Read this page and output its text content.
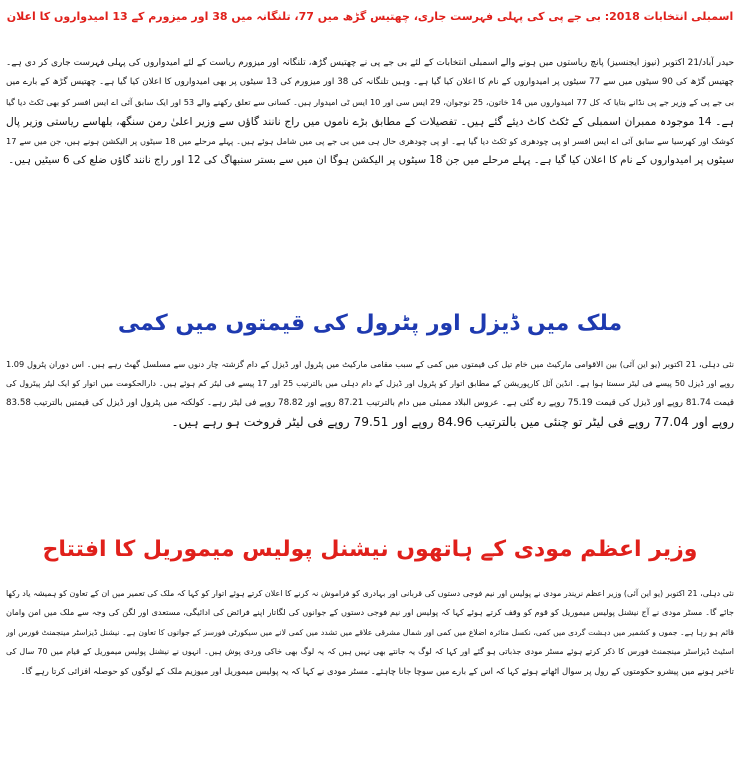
اسمبلی انتخابات 2018: بی جے پی کی پہلی فہرست جاری، چھتیس گڑھ میں 77، تلنگانہ میں 38 اور میزورم کے 13 امیدواروں کا اعلان
حیدر آباد/21 اکتوبر (نیوز ایجنسیز) پانچ ریاستوں میں ہونے والے اسمبلی انتخابات کے لئے بی جے پی نے چھتیس گڑھ، تلنگانہ اور میزورم ریاست کے لئے امیدواروں کی پہلی فہرست جاری کر دی ہے۔
چھتیس گڑھ کی 90 سیٹوں میں سے 77 سیٹوں پر امیدواروں کے نام کا اعلان کیا گیا ہے۔ وہیں تلنگانہ کی 38 اور میزورم کی 13 سیٹوں پر بھی امیدواروں کا اعلان کیا گیا ہے۔ چھتیس گڑھ کے بارے میں
بی جے پی کے وزیر جے پی نڈانے بتایا کہ کل 77 امیدواروں میں 14 خاتون، 25 نوجوان، 29 ایس سی اور 10 ایس ٹی امیدوار ہیں۔ کسانی سے تعلق رکھنے والے 53 اور ایک سابق آئی اے ایس افسر کو بھی ٹکٹ دیا گیا
ہے۔ 14 موجودہ ممبران اسمبلی کے ٹکٹ کاٹ دیئے گئے ہیں۔ تفصیلات کے مطابق بڑے ناموں میں راج نانند گاؤں سے وزیر اعلیٰ رمن سنگھ، بلھاسے ریاستی وزیر پال
کوشک اور کھرسیا سے سابق آئی اے ایس افسر او پی چودھری کو ٹکٹ دیا گیا ہے۔ او پی چودھری حال ہی میں بی جے پی میں شامل ہوئے ہیں۔ پہلے مرحلے میں 18 سیٹوں پر الیکشن ہونے ہیں، جن میں سے 17
سیٹوں پر امیدواروں کے نام کا اعلان کیا گیا ہے۔ پہلے مرحلے میں جن 18 سیٹوں پر الیکشن ہوگا ان میں سے بستر سنبھاگ کی 12 اور راج نانند گاؤں ضلع کی 6 سیٹیں ہیں۔
ملک میں ڈیزل اور پٹرول کی قیمتوں میں کمی
نئی دہلی، 21 اکتوبر (یو این آئی) بین الاقوامی مارکیٹ میں خام تیل کی قیمتوں میں کمی کے سبب مقامی مارکیٹ میں پٹرول اور ڈیزل کے دام گزشتہ چار دنوں سے مسلسل گھٹ رہے ہیں۔ اس دوران پٹرول 1.09
روپے اور ڈیزل 50 پیسے فی لیٹر سستا ہوا ہے۔ انڈین آئل کارپوریشن کے مطابق اتوار کو پٹرول اور ڈیزل کے دام دہلی میں بالترتیب 25 اور 17 پیسے فی لیٹر کم ہوئے ہیں۔ دارالحکومت میں اتوار کو ایک لیٹر پیٹرول کی
قیمت 81.74 روپے اور ڈیزل کی قیمت 75.19 روپے رہ گئی ہے۔ عروس البلاد ممبئی میں دام بالترتیب 87.21 روپے اور 78.82 روپے فی لیٹر رہے۔ کولکتہ میں پٹرول اور ڈیزل کی قیمتیں بالترتیب 83.58
روپے اور 77.04 روپے فی لیٹر تو چنئی میں بالترتیب 84.96 روپے اور 79.51 روپے فی لیٹر فروخت ہو رہے ہیں۔
وزیر اعظم مودی کے ہاتھوں نیشنل پولیس میموریل کا افتتاح
نئی دہلی، 21 اکتوبر (یو این آئی) وزیر اعظم نریندر مودی نے پولیس اور نیم فوجی دستوں کی قربانی اور بہادری کو فراموش نہ کرنے کا اعلان کرتے ہوئے اتوار کو کہا کہ ملک کی تعمیر میں ان کے تعاون کو ہمیشہ یاد رکھا
جائے گا۔ مسٹر مودی نے آج نیشنل پولیس میموریل کو قوم کو وقف کرتے ہوئے کہا کہ پولیس اور نیم فوجی دستوں کے جوانوں کی لگاتار اپنے فرائض کی ادائیگی، مستعدی اور لگن کی وجہ سے ملک میں امن وامان
قائم ہو رہا ہے۔ جموں و کشمیر میں دہشت گردی میں کمی، نکسل متاثرہ اضلاع میں کمی اور شمال مشرقی علاقے میں تشدد میں کمی لانے میں سیکورٹی فورسز کے جوانوں کا تعاون ہے۔ نیشنل ڈیزاسٹر مینجمنٹ فورس اور
اسٹیٹ ڈیزاسٹر مینجمنٹ فورس کا ذکر کرتے ہوئے مسٹر مودی جذباتی ہو گئے اور کہا کہ لوگ یہ جانتے بھی نہیں ہیں کہ یہ لوگ بھی خاکی وردی پوش ہیں۔ انہوں نے نیشنل پولیس میموریل کے قیام میں 70 سال کی
تاخیر ہونے میں پیشرو حکومتوں کے رول پر سوال اٹھاتے ہوئے کہا کہ اس کے بارے میں سوچا جانا چاہئے۔ مسٹر مودی نے کہا کہ یہ پولیس میموریل اور میوزیم ملک کے لوگوں کو حوصلہ افزائی کرتا رہے گا۔
